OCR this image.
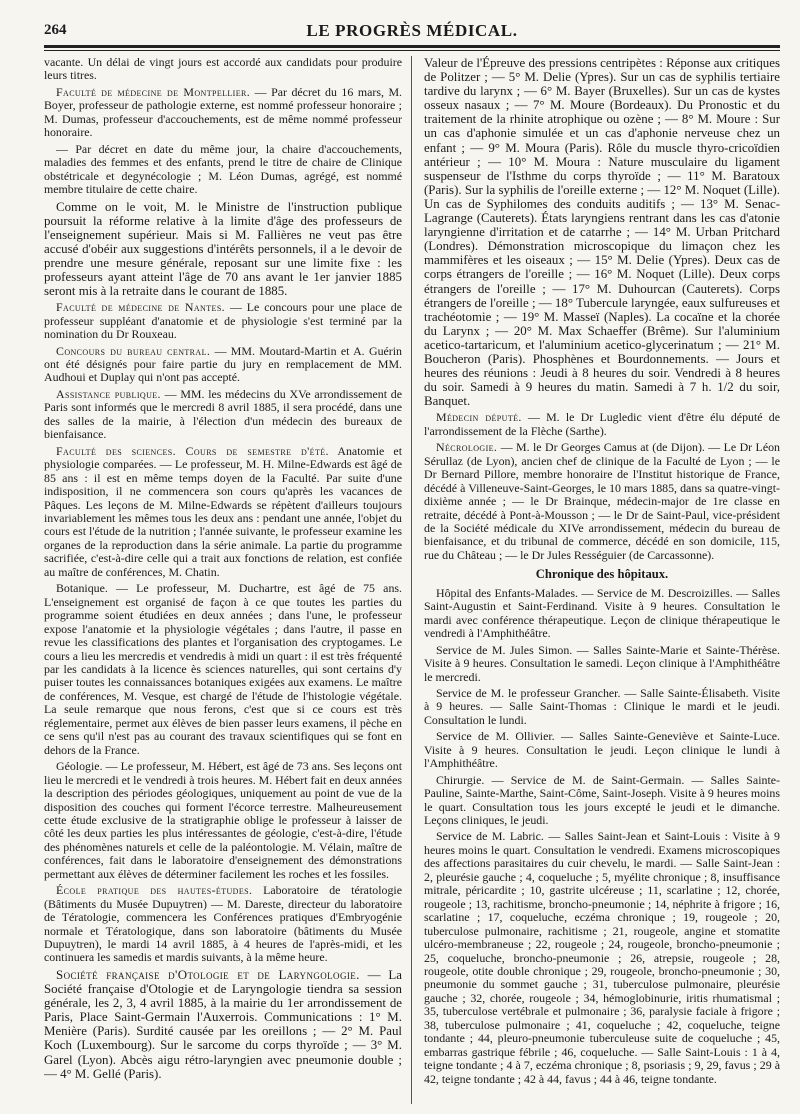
264	LE PROGRÈS MÉDICAL.

vacante. Un délai de vingt jours est accordé aux candidats pour produire leurs titres.

Faculté de médecine de Montpellier. — Par décret du 16 mars, M. Boyer, professeur de pathologie externe, est nommé professeur honoraire ; M. Dumas, professeur d'accouchements, est de même nommé professeur honoraire.

— Par décret en date du même jour, la chaire d'accouchements, maladies des femmes et des enfants, prend le titre de chaire de Clinique obstétricale et degynécologie ; M. Léon Dumas, agrégé, est nommé membre titulaire de cette chaire.

Comme on le voit, M. le Ministre de l'instruction publique poursuit la réforme relative à la limite d'âge des professeurs de l'enseignement supérieur. Mais si M. Fallières ne veut pas être accusé d'obéir aux suggestions d'intérêts personnels, il a le devoir de prendre une mesure générale, reposant sur une limite fixe : les professeurs ayant atteint l'âge de 70 ans avant le 1er janvier 1885 seront mis à la retraite dans le courant de 1885.

Faculté de médecine de Nantes. — Le concours pour une place de professeur suppléant d'anatomie et de physiologie s'est terminé par la nomination du Dr Rouxeau.

Concours du bureau central. — MM. Moutard-Martin et A. Guérin ont été désignés pour faire partie du jury en remplacement de MM. Audhoui et Duplay qui n'ont pas accepté.

Assistance publique. — MM. les médecins du XVe arrondissement de Paris sont informés que le mercredi 8 avril 1885, il sera procédé, dans une des salles de la mairie, à l'élection d'un médecin des bureaux de bienfaisance.

Faculté des sciences. Cours de semestre d'été. Anatomie et physiologie comparées. — Le professeur, M. H. Milne-Edwards est âgé de 85 ans : il est en même temps doyen de la Faculté. Par suite d'une indisposition, il ne commencera son cours qu'après les vacances de Pâques. Les leçons de M. Milne-Edwards se répètent d'ailleurs toujours invariablement les mêmes tous les deux ans : pendant une année, l'objet du cours est l'étude de la nutrition ; l'année suivante, le professeur examine les organes de la reproduction dans la série animale. La partie du programme sacrifiée, c'est-à-dire celle qui a trait aux fonctions de relation, est confiée au maître de conférences, M. Chatin.

Botanique. — Le professeur, M. Duchartre, est âgé de 75 ans. L'enseignement est organisé de façon à ce que toutes les parties du programme soient étudiées en deux années ; dans l'une, le professeur expose l'anatomie et la physiologie végétales ; dans l'autre, il passe en revue les classifications des plantes et l'organisation des cryptogames. Le cours a lieu les mercredis et vendredis à midi un quart : il est très fréquenté par les candidats à la licence ès sciences naturelles, qui sont certains d'y puiser toutes les connaissances botaniques exigées aux examens. Le maître de conférences, M. Vesque, est chargé de l'étude de l'histologie végétale. La seule remarque que nous ferons, c'est que si ce cours est très réglementaire, permet aux élèves de bien passer leurs examens, il pèche en ce sens qu'il n'est pas au courant des travaux scientifiques qui se font en dehors de la France.

Géologie. — Le professeur, M. Hébert, est âgé de 73 ans. Ses leçons ont lieu le mercredi et le vendredi à trois heures. M. Hébert fait en deux années la description des périodes géologiques, uniquement au point de vue de la disposition des couches qui forment l'écorce terrestre. Malheureusement cette étude exclusive de la stratigraphie oblige le professeur à laisser de côté les deux parties les plus intéressantes de géologie, c'est-à-dire, l'étude des phénomènes naturels et celle de la paléontologie. M. Vélain, maître de conférences, fait dans le laboratoire d'enseignement des démonstrations permettant aux élèves de déterminer facilement les roches et les fossiles.

École pratique des hautes-études. Laboratoire de tératologie (Bâtiments du Musée Dupuytren) — M. Dareste, directeur du laboratoire de Tératologie, commencera les Conférences pratiques d'Embryogénie normale et Tératologique, dans son laboratoire (bâtiments du Musée Dupuytren), le mardi 14 avril 1885, à 4 heures de l'après-midi, et les continuera les samedis et mardis suivants, à la même heure.

Société française d'Otologie et de Laryngologie. — La Société française d'Otologie et de Laryngologie tiendra sa session générale, les 2, 3, 4 avril 1885, à la mairie du 1er arrondissement de Paris, Place Saint-Germain l'Auxerrois. Communications : 1° M. Menière (Paris). Surdité causée par les oreillons ; — 2° M. Paul Koch (Luxembourg). Sur le sarcome du corps thyroïde ; — 3° M. Garel (Lyon). Abcès aigu rétro-laryngien avec pneumonie double ; — 4° M. Gellé (Paris).

Valeur de l'Épreuve des pressions centripètes : Réponse aux critiques de Politzer ; — 5° M. Delie (Ypres). Sur un cas de syphilis tertiaire tardive du larynx ; — 6° M. Bayer (Bruxelles). Sur un cas de kystes osseux nasaux ; — 7° M. Moure (Bordeaux). Du Pronostic et du traitement de la rhinite atrophique ou ozène ; — 8° M. Moure : Sur un cas d'aphonie simulée et un cas d'aphonie nerveuse chez un enfant ; — 9° M. Moura (Paris). Rôle du muscle thyro-cricoïdien antérieur ; — 10° M. Moura : Nature musculaire du ligament suspenseur de l'Isthme du corps thyroïde ; — 11° M. Baratoux (Paris). Sur la syphilis de l'oreille externe ; — 12° M. Noquet (Lille). Un cas de Syphilomes des conduits auditifs ; — 13° M. Senac-Lagrange (Cauterets). États laryngiens rentrant dans les cas d'atonie laryngienne d'irritation et de catarrhe ; — 14° M. Urban Pritchard (Londres). Démonstration microscopique du limaçon chez les mammifères et les oiseaux ; — 15° M. Delie (Ypres). Deux cas de corps étrangers de l'oreille ; — 16° M. Noquet (Lille). Deux corps étrangers de l'oreille ; — 17° M. Duhourcan (Cauterets). Corps étrangers de l'oreille ; — 18° Tubercule laryngée, eaux sulfureuses et trachéotomie ; — 19° M. Masseï (Naples). La cocaïne et la chorée du Larynx ; — 20° M. Max Schaeffer (Brême). Sur l'aluminium acetico-tartaricum, et l'aluminium acetico-glycerinatum ; — 21° M. Boucheron (Paris). Phosphènes et Bourdonnements. — Jours et heures des réunions : Jeudi à 8 heures du soir. Vendredi à 8 heures du soir. Samedi à 9 heures du matin. Samedi à 7 h. 1/2 du soir, Banquet.

Médecin député. — M. le Dr Lugledic vient d'être élu député de l'arrondissement de la Flèche (Sarthe).

Nécrologie. — M. le Dr Georges Camus at (de Dijon). — Le Dr Léon Sérullaz (de Lyon), ancien chef de clinique de la Faculté de Lyon ; — le Dr Bernard Pillore, membre honoraire de l'Institut historique de France, décédé à Villeneuve-Saint-Georges, le 10 mars 1885, dans sa quatre-vingt-dixième année ; — le Dr Brainque, médecin-major de 1re classe en retraite, décédé à Pont-à-Mousson ; — le Dr de Saint-Paul, vice-président de la Société médicale du XIVe arrondissement, médecin du bureau de bienfaisance, et du tribunal de commerce, décédé en son domicile, 115, rue du Château ; — le Dr Jules Rességuier (de Carcassonne).

Chronique des hôpitaux.

Hôpital des Enfants-Malades. — Service de M. Descroizilles. — Salles Saint-Augustin et Saint-Ferdinand. Visite à 9 heures. Consultation le mardi avec conférence thérapeutique. Leçon de clinique thérapeutique le vendredi à l'Amphithéâtre.

Service de M. Jules Simon. — Salles Sainte-Marie et Sainte-Thérèse. Visite à 9 heures. Consultation le samedi. Leçon clinique à l'Amphithéâtre le mercredi.

Service de M. le professeur Grancher. — Salle Sainte-Élisabeth. Visite à 9 heures. — Salle Saint-Thomas : Clinique le mardi et le jeudi. Consultation le lundi.

Service de M. Ollivier. — Salles Sainte-Geneviève et Sainte-Luce. Visite à 9 heures. Consultation le jeudi. Leçon clinique le lundi à l'Amphithéâtre.

Chirurgie. — Service de M. de Saint-Germain. — Salles Sainte-Pauline, Sainte-Marthe, Saint-Côme, Saint-Joseph. Visite à 9 heures moins le quart. Consultation tous les jours excepté le jeudi et le dimanche. Leçons cliniques, le jeudi.

Service de M. Labric. — Salles Saint-Jean et Saint-Louis : Visite à 9 heures moins le quart. Consultation le vendredi. Examens microscopiques des affections parasitaires du cuir chevelu, le mardi. — Salle Saint-Jean : 2, pleurésie gauche ; 4, coqueluche ; 5, myélite chronique ; 8, insuffisance mitrale, péricardite ; 10, gastrite ulcéreuse ; 11, scarlatine ; 12, chorée, rougeole ; 13, rachitisme, broncho-pneumonie ; 14, néphrite à frigore ; 16, scarlatine ; 17, coqueluche, eczéma chronique ; 19, rougeole ; 20, tuberculose pulmonaire, rachitisme ; 21, rougeole, angine et stomatite ulcéro-membraneuse ; 22, rougeole ; 24, rougeole, broncho-pneumonie ; 25, coqueluche, broncho-pneumonie ; 26, atrepsie, rougeole ; 28, rougeole, otite double chronique ; 29, rougeole, broncho-pneumonie ; 30, pneumonie du sommet gauche ; 31, tuberculose pulmonaire, pleurésie gauche ; 32, chorée, rougeole ; 34, hémoglobinurie, iritis rhumatismal ; 35, tuberculose vertébrale et pulmonaire ; 36, paralysie faciale à frigore ; 38, tuberculose pulmonaire ; 41, coqueluche ; 42, coqueluche, teigne tondante ; 44, pleuro-pneumonie tuberculeuse suite de coqueluche ; 45, embarras gastrique fébrile ; 46, coqueluche. — Salle Saint-Louis : 1 à 4, teigne tondante ; 4 à 7, eczéma chronique ; 8, psoriasis ; 9, 29, favus ; 29 à 42, teigne tondante ; 42 à 44, favus ; 44 à 46, teigne tondante.
